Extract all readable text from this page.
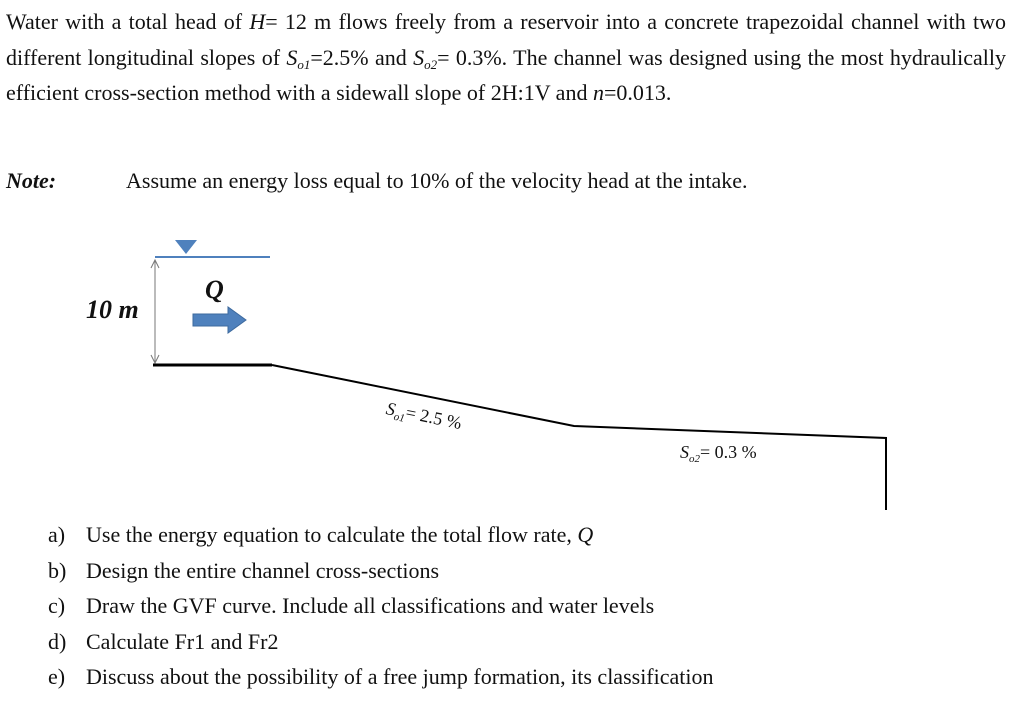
Water with a total head of H= 12 m flows freely from a reservoir into a concrete trapezoidal channel with two different longitudinal slopes of $S_{o1}=2.5\%$ and $S_{o2}= 0.3\%$. The channel was designed using the most hydraulically efficient cross-section method with a sidewall slope of 2H:1V and n=0.013.
Note:	Assume an energy loss equal to 10% of the velocity head at the intake.
10 m
Q
$S_{o1}= 2.5$ %
$S_{o2}= 0.3$ %
a) Use the energy equation to calculate the total flow rate, Q
b) Design the entire channel cross-sections
c) Draw the GVF curve. Include all classifications and water levels
d) Calculate Fr1 and Fr2
e) Discuss about the possibility of a free jump formation, its classification
